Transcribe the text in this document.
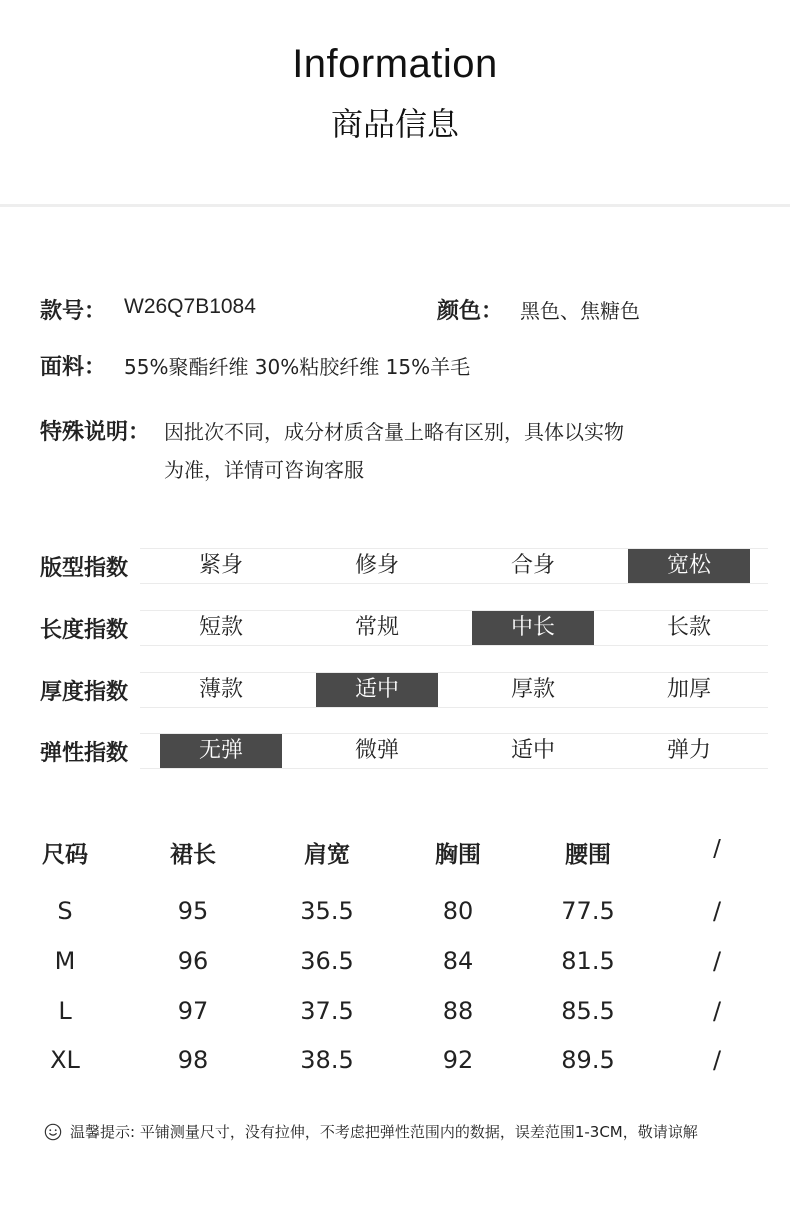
Information
商品信息
款号： W26Q7B1084	颜色： 黑色、焦糖色
面料： 55%聚酯纤维 30%粘胶纤维 15%羊毛
特殊说明： 因批次不同，成分材质含量上略有区别，具体以实物
为准，详情可咨询客服
版型指数	紧身	修身	合身	宽松
长度指数	短款	常规	中长	长款
厚度指数	薄款	适中	厚款	加厚
弹性指数	无弹	微弹	适中	弹力
尺码	裙长	肩宽	胸围	腰围	/
S	95	35.5	80	77.5	/
M	96	36.5	84	81.5	/
L	97	37.5	88	85.5	/
XL	98	38.5	92	89.5	/
温馨提示: 平铺测量尺寸，没有拉伸，不考虑把弹性范围内的数据，误差范围1-3CM，敬请谅解
